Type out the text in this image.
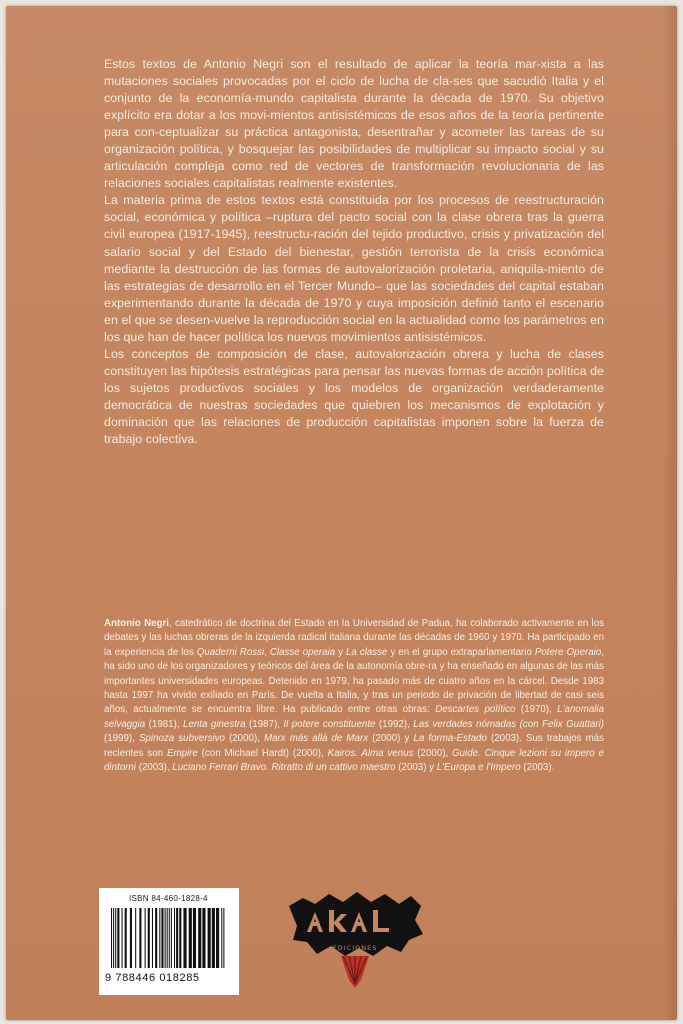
Estos textos de Antonio Negri son el resultado de aplicar la teoría mar-xista a las mutaciones sociales provocadas por el ciclo de lucha de cla-ses que sacudió Italia y el conjunto de la economía-mundo capitalista durante la década de 1970. Su objetivo explícito era dotar a los movi-mientos antisistémicos de esos años de la teoría pertinente para con-ceptualizar su práctica antagonista, desentrañar y acometer las tareas de su organización política, y bosquejar las posibilidades de multiplicar su impacto social y su articulación compleja como red de vectores de transformación revolucionaria de las relaciones sociales capitalistas realmente existentes.

La materia prima de estos textos está constituida por los procesos de reestructuración social, económica y política –ruptura del pacto social con la clase obrera tras la guerra civil europea (1917-1945), reestructu-ración del tejido productivo, crisis y privatización del salario social y del Estado del bienestar, gestión terrorista de la crisis económica mediante la destrucción de las formas de autovalorización proletaria, aniquila-miento de las estrategias de desarrollo en el Tercer Mundo– que las sociedades del capital estaban experimentando durante la década de 1970 y cuya imposición definió tanto el escenario en el que se desen-vuelve la reproducción social en la actualidad como los parámetros en los que han de hacer política los nuevos movimientos antisistémicos.

Los conceptos de composición de clase, autovalorización obrera y lucha de clases constituyen las hipótesis estratégicas para pensar las nuevas formas de acción política de los sujetos productivos sociales y los modelos de organización verdaderamente democrática de nuestras sociedades que quiebren los mecanismos de explotación y dominación que las relaciones de producción capitalistas imponen sobre la fuerza de trabajo colectiva.

Antonio Negri, catedrático de doctrina del Estado en la Universidad de Padua, ha colaborado activamente en los debates y las luchas obreras de la izquierda radical italiana durante las décadas de 1960 y 1970. Ha participado en la experiencia de los Quaderni Rossi, Classe operaia y La classe y en el grupo extraparlamentario Potere Operaio, ha sido uno de los organizadores y teóricos del área de la autonomía obre-ra y ha enseñado en algunas de las más importantes universidades europeas. Detenido en 1979, ha pasado más de cuatro años en la cárcel. Desde 1983 hasta 1997 ha vivido exiliado en París. De vuelta a Italia, y tras un periodo de privación de libertad de casi seis años, actualmente se encuentra libre. Ha publicado entre otras obras: Descartes político (1970), L'anomalia selvaggia (1981), Lenta ginestra (1987), Il potere constituente (1992), Las verdades nómadas (con Felix Guattari) (1999), Spinoza subversivo (2000), Marx más allá de Marx (2000) y La forma-Estado (2003). Sus trabajos más recientes son Empire (con Michael Hardt) (2000), Kairos. Alma venus (2000), Guide. Cinque lezioni su impero e dintorni (2003), Luciano Ferrari Bravo. Ritratto di un cattivo maestro (2003) y L'Europa e l'Impero (2003).
ISBN 84-460-1828-4
9 788446 018285
EDICIONES
